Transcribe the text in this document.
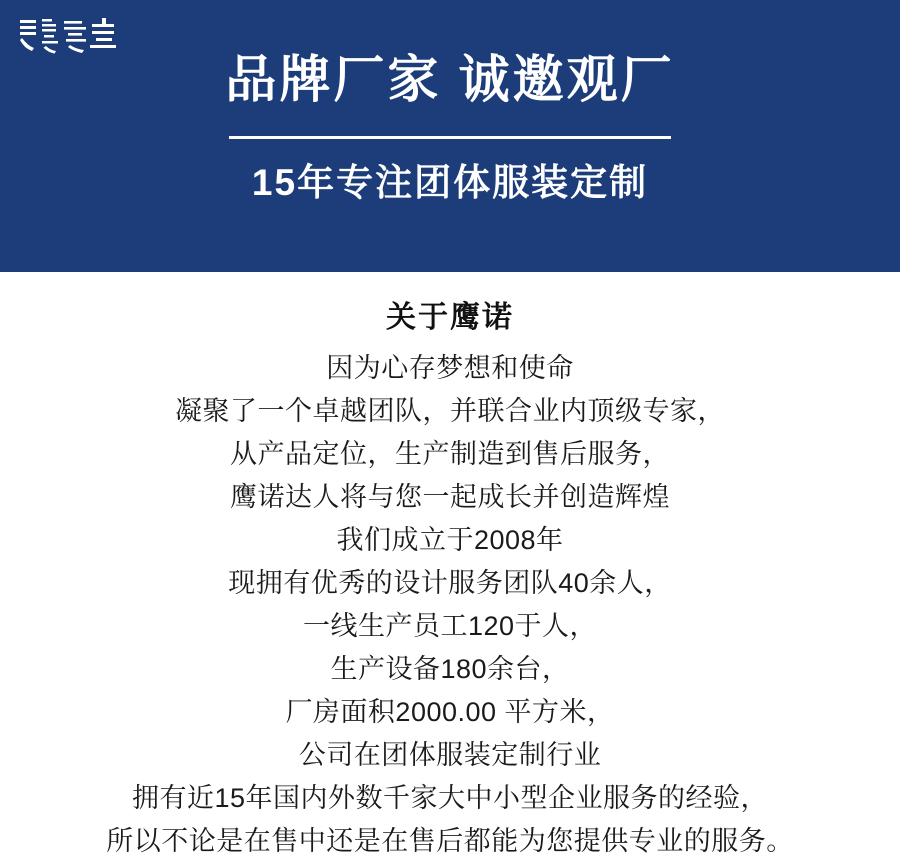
品牌厂家 诚邀观厂
15年专注团体服装定制
关于鹰诺
因为心存梦想和使命
凝聚了一个卓越团队，并联合业内顶级专家，
从产品定位，生产制造到售后服务，
鹰诺达人将与您一起成长并创造辉煌
我们成立于2008年
现拥有优秀的设计服务团队40余人，
一线生产员工120于人，
生产设备180余台，
厂房面积2000.00 平方米，
公司在团体服装定制行业
拥有近15年国内外数千家大中小型企业服务的经验，
所以不论是在售中还是在售后都能为您提供专业的服务。
